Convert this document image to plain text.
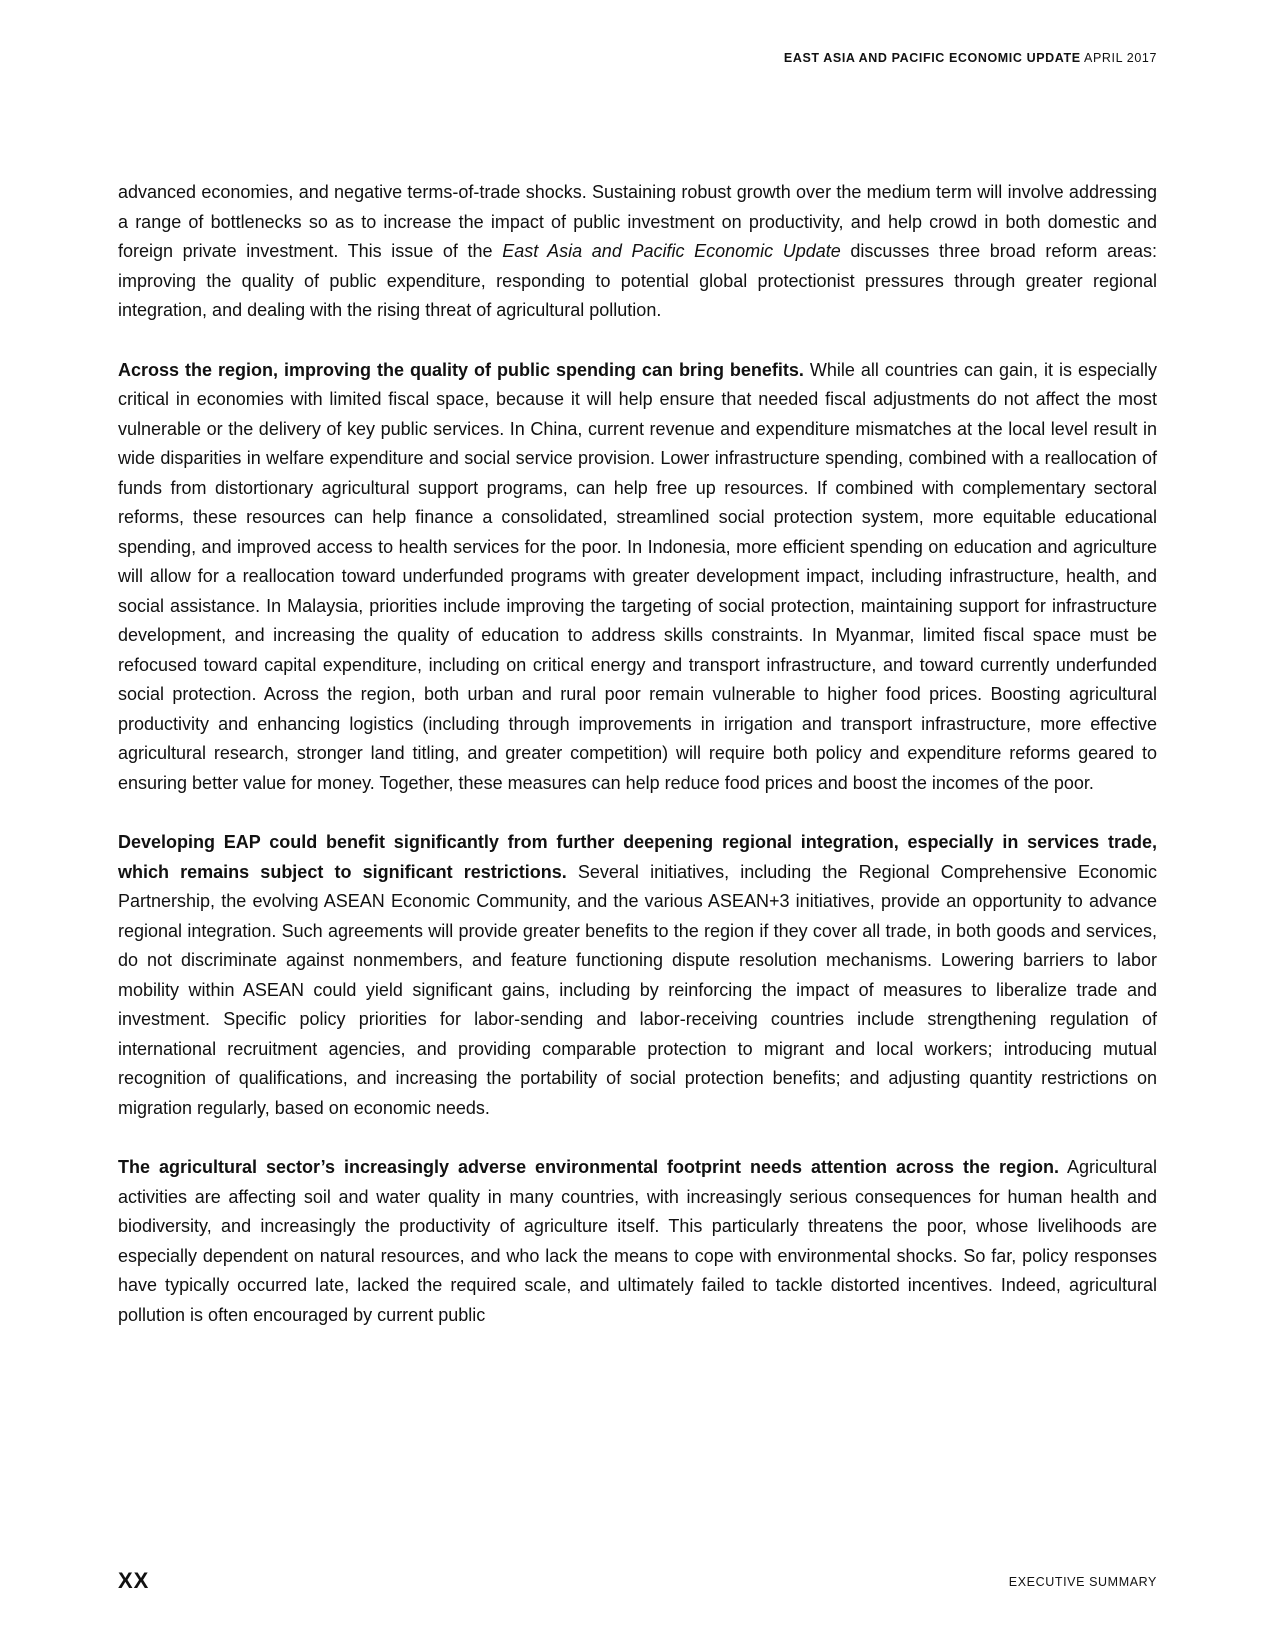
EAST ASIA AND PACIFIC ECONOMIC UPDATE APRIL 2017

advanced economies, and negative terms-of-trade shocks. Sustaining robust growth over the medium term will involve addressing a range of bottlenecks so as to increase the impact of public investment on productivity, and help crowd in both domestic and foreign private investment. This issue of the East Asia and Pacific Economic Update discusses three broad reform areas: improving the quality of public expenditure, responding to potential global protectionist pressures through greater regional integration, and dealing with the rising threat of agricultural pollution.

Across the region, improving the quality of public spending can bring benefits. While all countries can gain, it is especially critical in economies with limited fiscal space, because it will help ensure that needed fiscal adjustments do not affect the most vulnerable or the delivery of key public services. In China, current revenue and expenditure mismatches at the local level result in wide disparities in welfare expenditure and social service provision. Lower infrastructure spending, combined with a reallocation of funds from distortionary agricultural support programs, can help free up resources. If combined with complementary sectoral reforms, these resources can help finance a consolidated, streamlined social protection system, more equitable educational spending, and improved access to health services for the poor. In Indonesia, more efficient spending on education and agriculture will allow for a reallocation toward underfunded programs with greater development impact, including infrastructure, health, and social assistance. In Malaysia, priorities include improving the targeting of social protection, maintaining support for infrastructure development, and increasing the quality of education to address skills constraints. In Myanmar, limited fiscal space must be refocused toward capital expenditure, including on critical energy and transport infrastructure, and toward currently underfunded social protection. Across the region, both urban and rural poor remain vulnerable to higher food prices. Boosting agricultural productivity and enhancing logistics (including through improvements in irrigation and transport infrastructure, more effective agricultural research, stronger land titling, and greater competition) will require both policy and expenditure reforms geared to ensuring better value for money. Together, these measures can help reduce food prices and boost the incomes of the poor.

Developing EAP could benefit significantly from further deepening regional integration, especially in services trade, which remains subject to significant restrictions. Several initiatives, including the Regional Comprehensive Economic Partnership, the evolving ASEAN Economic Community, and the various ASEAN+3 initiatives, provide an opportunity to advance regional integration. Such agreements will provide greater benefits to the region if they cover all trade, in both goods and services, do not discriminate against nonmembers, and feature functioning dispute resolution mechanisms. Lowering barriers to labor mobility within ASEAN could yield significant gains, including by reinforcing the impact of measures to liberalize trade and investment. Specific policy priorities for labor-sending and labor-receiving countries include strengthening regulation of international recruitment agencies, and providing comparable protection to migrant and local workers; introducing mutual recognition of qualifications, and increasing the portability of social protection benefits; and adjusting quantity restrictions on migration regularly, based on economic needs.

The agricultural sector’s increasingly adverse environmental footprint needs attention across the region. Agricultural activities are affecting soil and water quality in many countries, with increasingly serious consequences for human health and biodiversity, and increasingly the productivity of agriculture itself. This particularly threatens the poor, whose livelihoods are especially dependent on natural resources, and who lack the means to cope with environmental shocks. So far, policy responses have typically occurred late, lacked the required scale, and ultimately failed to tackle distorted incentives. Indeed, agricultural pollution is often encouraged by current public

XX	EXECUTIVE SUMMARY
